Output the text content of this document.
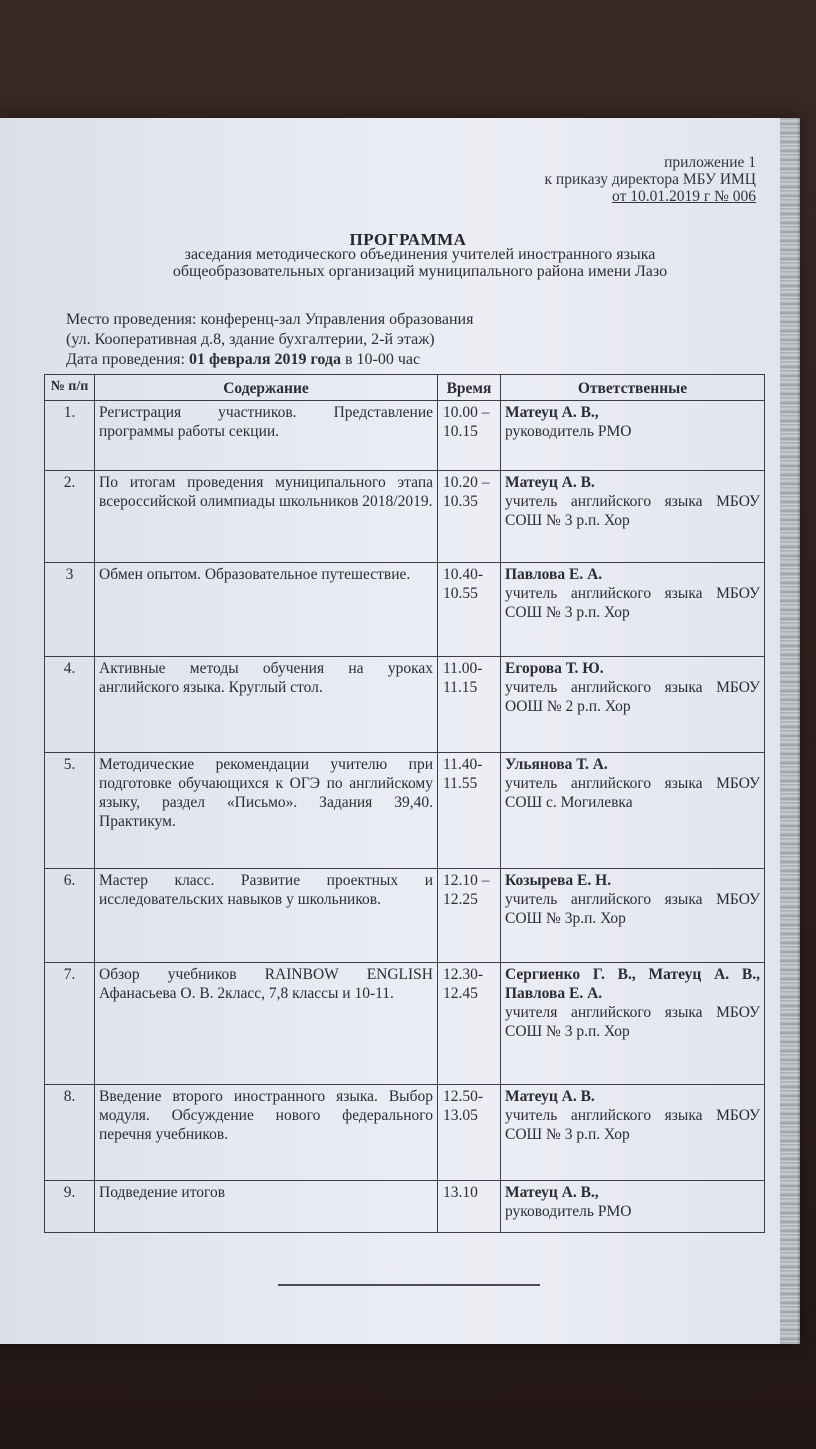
приложение 1
к приказу директора МБУ ИМЦ
от 10.01.2019 г № 006
ПРОГРАММА
заседания методического объединения учителей иностранного языка
общеобразовательных организаций муниципального района имени Лазо
Место проведения: конференц-зал Управления образования
(ул. Кооперативная д.8, здание бухгалтерии, 2-й этаж)
Дата проведения: 01 февраля 2019 года в 10-00 час
№ п/п	Содержание	Время	Ответственные
1.	Регистрация участников. Представление программы работы секции.	10.00 – 10.15	Матеуц А. В.,
руководитель РМО
2.	По итогам проведения муниципального этапа всероссийской олимпиады школьников 2018/2019.	10.20 – 10.35	Матеуц А. В.
учитель английского языка МБОУ СОШ № 3 р.п. Хор
3	Обмен опытом. Образовательное путешествие.	10.40- 10.55	Павлова Е. А.
учитель английского языка МБОУ СОШ № 3 р.п. Хор
4.	Активные методы обучения на уроках английского языка. Круглый стол.	11.00- 11.15	Егорова Т. Ю.
учитель английского языка МБОУ ООШ № 2 р.п. Хор
5.	Методические рекомендации учителю при подготовке обучающихся к ОГЭ по английскому языку, раздел «Письмо». Задания 39,40. Практикум.	11.40- 11.55	Ульянова Т. А.
учитель английского языка МБОУ СОШ с. Могилевка
6.	Мастер класс. Развитие проектных и исследовательских навыков у школьников.	12.10 – 12.25	Козырева Е. Н.
учитель английского языка МБОУ СОШ № 3р.п. Хор
7.	Обзор учебников RAINBOW ENGLISH Афанасьева О. В. 2класс, 7,8 классы и 10-11.	12.30- 12.45	Сергиенко Г. В., Матеуц А. В., Павлова Е. А.
учителя английского языка МБОУ СОШ № 3 р.п. Хор
8.	Введение второго иностранного языка. Выбор модуля. Обсуждение нового федерального перечня учебников.	12.50- 13.05	Матеуц А. В.
учитель английского языка МБОУ СОШ № 3 р.п. Хор
9.	Подведение итогов	13.10	Матеуц А. В.,
руководитель РМО
